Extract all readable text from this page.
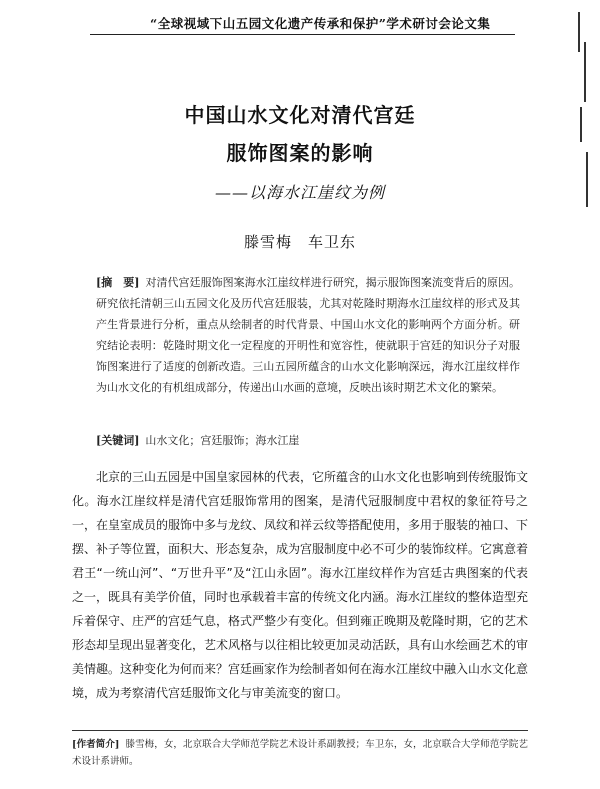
“全球视域下山五园文化遗产传承和保护”学术研讨会论文集
中国山水文化对清代宫廷
服饰图案的影响
——以海水江崖纹为例
滕雪梅　车卫东
[摘　要] 对清代宫廷服饰图案海水江崖纹样进行研究，揭示服饰图案流变背后的原因。研究依托清朝三山五园文化及历代宫廷服装，尤其对乾隆时期海水江崖纹样的形式及其产生背景进行分析，重点从绘制者的时代背景、中国山水文化的影响两个方面分析。研究结论表明：乾隆时期文化一定程度的开明性和宽容性，使就职于宫廷的知识分子对服饰图案进行了适度的创新改造。三山五园所蕴含的山水文化影响深远，海水江崖纹样作为山水文化的有机组成部分，传递出山水画的意境，反映出该时期艺术文化的繁荣。
[关键词] 山水文化；宫廷服饰；海水江崖
北京的三山五园是中国皇家园林的代表，它所蕴含的山水文化也影响到传统服饰文化。海水江崖纹样是清代宫廷服饰常用的图案，是清代冠服制度中君权的象征符号之一，在皇室成员的服饰中多与龙纹、凤纹和祥云纹等搭配使用，多用于服装的袖口、下摆、补子等位置，面积大、形态复杂，成为宫服制度中必不可少的装饰纹样。它寓意着君王“一统山河”、“万世升平”及“江山永固”。海水江崖纹样作为宫廷古典图案的代表之一，既具有美学价值，同时也承载着丰富的传统文化内涵。海水江崖纹的整体造型充斥着保守、庄严的宫廷气息，格式严整少有变化。但到雍正晚期及乾隆时期，它的艺术形态却呈现出显著变化，艺术风格与以往相比较更加灵动活跃，具有山水绘画艺术的审美情趣。这种变化为何而来？宫廷画家作为绘制者如何在海水江崖纹中融入山水文化意境，成为考察清代宫廷服饰文化与审美流变的窗口。
[作者简介] 滕雪梅，女，北京联合大学师范学院艺术设计系副教授；车卫东，女，北京联合大学师范学院艺术设计系讲师。
